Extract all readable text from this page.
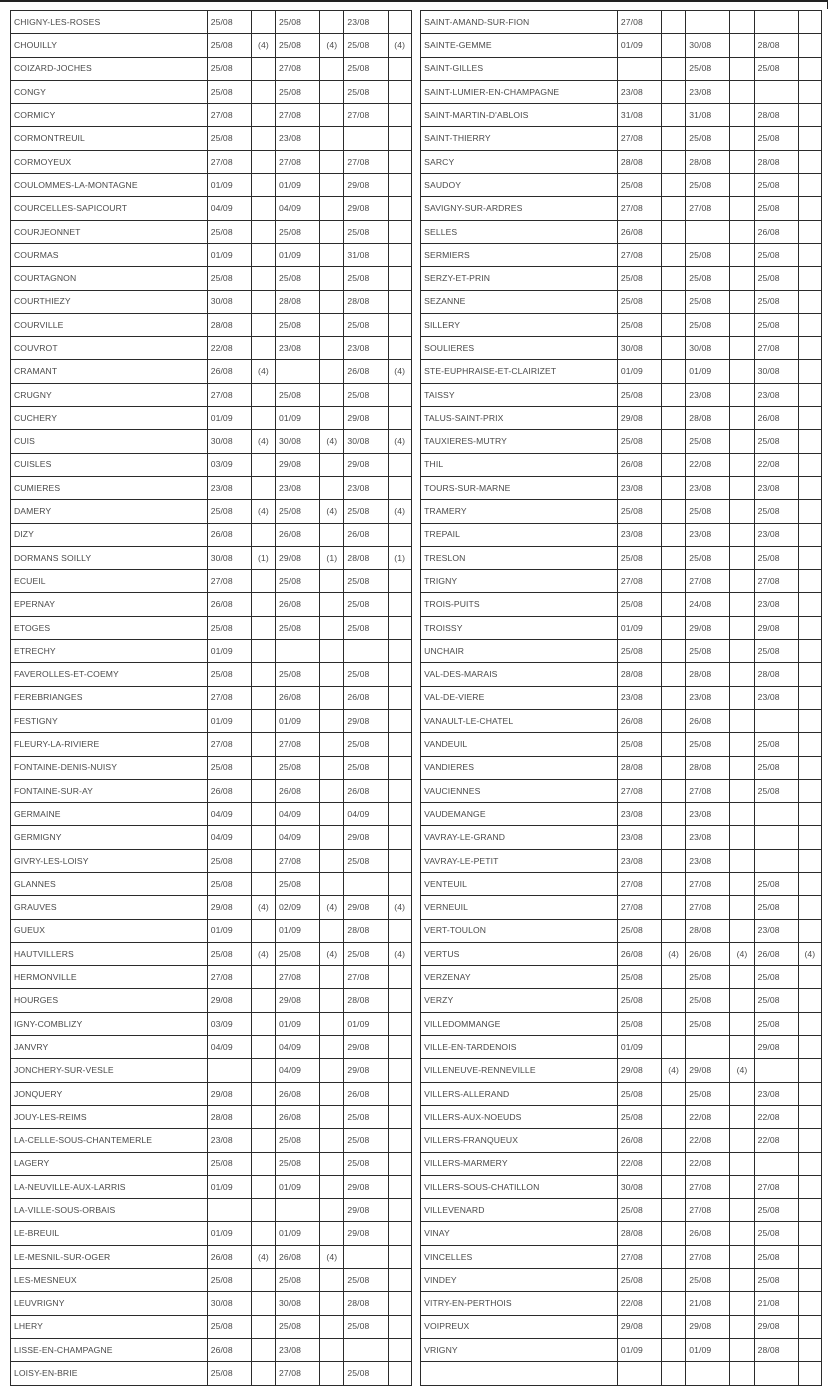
CHIGNY-LES-ROSES	25/08		25/08		23/08			SAINT-AMAND-SUR-FION	27/08					
CHOUILLY	25/08	(4)	25/08	(4)	25/08	(4)		SAINTE-GEMME	01/09		30/08		28/08	
COIZARD-JOCHES	25/08		27/08		25/08			SAINT-GILLES			25/08		25/08	
CONGY	25/08		25/08		25/08			SAINT-LUMIER-EN-CHAMPAGNE	23/08		23/08			
CORMICY	27/08		27/08		27/08			SAINT-MARTIN-D'ABLOIS	31/08		31/08		28/08	
CORMONTREUIL	25/08		23/08					SAINT-THIERRY	27/08		25/08		25/08	
CORMOYEUX	27/08		27/08		27/08			SARCY	28/08		28/08		28/08	
COULOMMES-LA-MONTAGNE	01/09		01/09		29/08			SAUDOY	25/08		25/08		25/08	
COURCELLES-SAPICOURT	04/09		04/09		29/08			SAVIGNY-SUR-ARDRES	27/08		27/08		25/08	
COURJEONNET	25/08		25/08		25/08			SELLES	26/08				26/08	
COURMAS	01/09		01/09		31/08			SERMIERS	27/08		25/08		25/08	
COURTAGNON	25/08		25/08		25/08			SERZY-ET-PRIN	25/08		25/08		25/08	
COURTHIEZY	30/08		28/08		28/08			SEZANNE	25/08		25/08		25/08	
COURVILLE	28/08		25/08		25/08			SILLERY	25/08		25/08		25/08	
COUVROT	22/08		23/08		23/08			SOULIERES	30/08		30/08		27/08	
CRAMANT	26/08	(4)			26/08	(4)		STE-EUPHRAISE-ET-CLAIRIZET	01/09		01/09		30/08	
CRUGNY	27/08		25/08		25/08			TAISSY	25/08		23/08		23/08	
CUCHERY	01/09		01/09		29/08			TALUS-SAINT-PRIX	29/08		28/08		26/08	
CUIS	30/08	(4)	30/08	(4)	30/08	(4)		TAUXIERES-MUTRY	25/08		25/08		25/08	
CUISLES	03/09		29/08		29/08			THIL	26/08		22/08		22/08	
CUMIERES	23/08		23/08		23/08			TOURS-SUR-MARNE	23/08		23/08		23/08	
DAMERY	25/08	(4)	25/08	(4)	25/08	(4)		TRAMERY	25/08		25/08		25/08	
DIZY	26/08		26/08		26/08			TREPAIL	23/08		23/08		23/08	
DORMANS SOILLY	30/08	(1)	29/08	(1)	28/08	(1)		TRESLON	25/08		25/08		25/08	
ECUEIL	27/08		25/08		25/08			TRIGNY	27/08		27/08		27/08	
EPERNAY	26/08		26/08		25/08			TROIS-PUITS	25/08		24/08		23/08	
ETOGES	25/08		25/08		25/08			TROISSY	01/09		29/08		29/08	
ETRECHY	01/09							UNCHAIR	25/08		25/08		25/08	
FAVEROLLES-ET-COEMY	25/08		25/08		25/08			VAL-DES-MARAIS	28/08		28/08		28/08	
FEREBRIANGES	27/08		26/08		26/08			VAL-DE-VIERE	23/08		23/08		23/08	
FESTIGNY	01/09		01/09		29/08			VANAULT-LE-CHATEL	26/08		26/08			
FLEURY-LA-RIVIERE	27/08		27/08		25/08			VANDEUIL	25/08		25/08		25/08	
FONTAINE-DENIS-NUISY	25/08		25/08		25/08			VANDIERES	28/08		28/08		25/08	
FONTAINE-SUR-AY	26/08		26/08		26/08			VAUCIENNES	27/08		27/08		25/08	
GERMAINE	04/09		04/09		04/09			VAUDEMANGE	23/08		23/08			
GERMIGNY	04/09		04/09		29/08			VAVRAY-LE-GRAND	23/08		23/08			
GIVRY-LES-LOISY	25/08		27/08		25/08			VAVRAY-LE-PETIT	23/08		23/08			
GLANNES	25/08		25/08					VENTEUIL	27/08		27/08		25/08	
GRAUVES	29/08	(4)	02/09	(4)	29/08	(4)		VERNEUIL	27/08		27/08		25/08	
GUEUX	01/09		01/09		28/08			VERT-TOULON	25/08		28/08		23/08	
HAUTVILLERS	25/08	(4)	25/08	(4)	25/08	(4)		VERTUS	26/08	(4)	26/08	(4)	26/08	(4)
HERMONVILLE	27/08		27/08		27/08			VERZENAY	25/08		25/08		25/08	
HOURGES	29/08		29/08		28/08			VERZY	25/08		25/08		25/08	
IGNY-COMBLIZY	03/09		01/09		01/09			VILLEDOMMANGE	25/08		25/08		25/08	
JANVRY	04/09		04/09		29/08			VILLE-EN-TARDENOIS	01/09				29/08	
JONCHERY-SUR-VESLE			04/09		29/08			VILLENEUVE-RENNEVILLE	29/08	(4)	29/08	(4)		
JONQUERY	29/08		26/08		26/08			VILLERS-ALLERAND	25/08		25/08		23/08	
JOUY-LES-REIMS	28/08		26/08		25/08			VILLERS-AUX-NOEUDS	25/08		22/08		22/08	
LA-CELLE-SOUS-CHANTEMERLE	23/08		25/08		25/08			VILLERS-FRANQUEUX	26/08		22/08		22/08	
LAGERY	25/08		25/08		25/08			VILLERS-MARMERY	22/08		22/08			
LA-NEUVILLE-AUX-LARRIS	01/09		01/09		29/08			VILLERS-SOUS-CHATILLON	30/08		27/08		27/08	
LA-VILLE-SOUS-ORBAIS					29/08			VILLEVENARD	25/08		27/08		25/08	
LE-BREUIL	01/09		01/09		29/08			VINAY	28/08		26/08		25/08	
LE-MESNIL-SUR-OGER	26/08	(4)	26/08	(4)				VINCELLES	27/08		27/08		25/08	
LES-MESNEUX	25/08		25/08		25/08			VINDEY	25/08		25/08		25/08	
LEUVRIGNY	30/08		30/08		28/08			VITRY-EN-PERTHOIS	22/08		21/08		21/08	
LHERY	25/08		25/08		25/08			VOIPREUX	29/08		29/08		29/08	
LISSE-EN-CHAMPAGNE	26/08		23/08					VRIGNY	01/09		01/09		28/08	
LOISY-EN-BRIE	25/08		27/08		25/08									
